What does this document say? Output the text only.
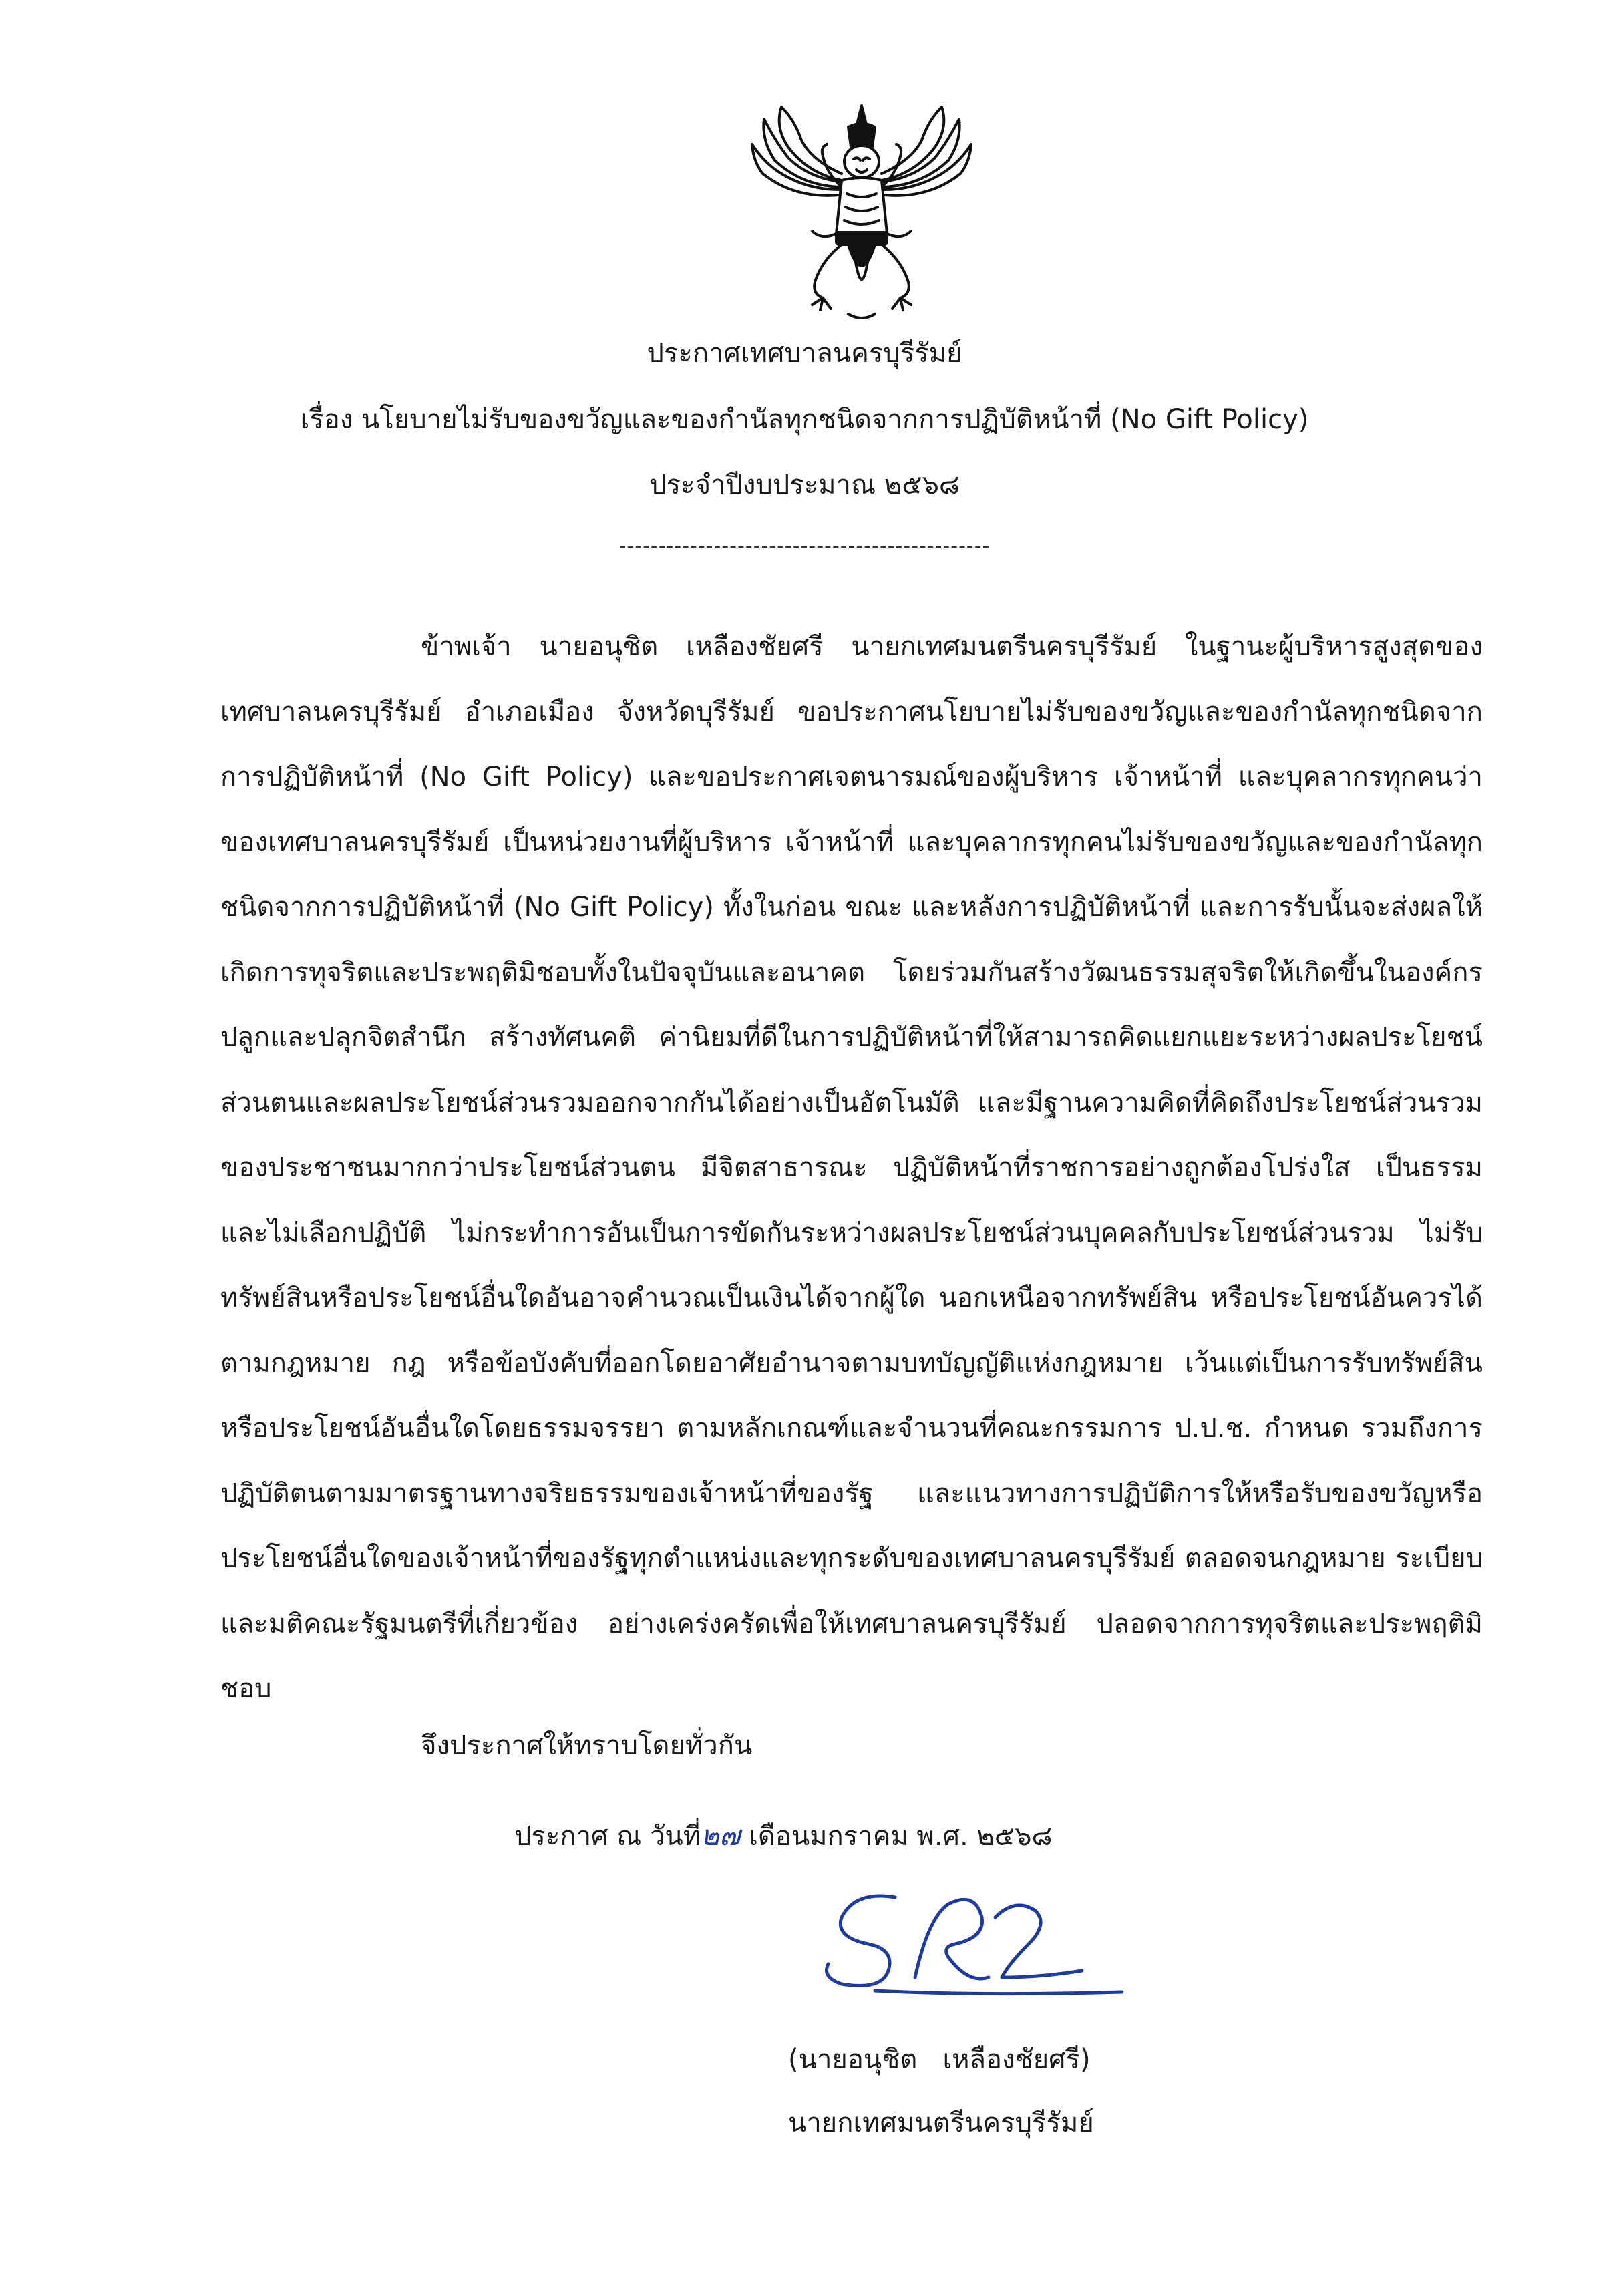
ประกาศเทศบาลนครบุรีรัมย์
เรื่อง นโยบายไม่รับของขวัญและของกำนัลทุกชนิดจากการปฏิบัติหน้าที่ (No Gift Policy)
ประจำปีงบประมาณ ๒๕๖๘
-----------------------------------------------
ข้าพเจ้า นายอนุชิต เหลืองชัยศรี นายกเทศมนตรีนครบุรีรัมย์ ในฐานะผู้บริหารสูงสุดของเทศบาลนครบุรีรัมย์ อำเภอเมือง จังหวัดบุรีรัมย์ ขอประกาศนโยบายไม่รับของขวัญและของกำนัลทุกชนิดจากการปฏิบัติหน้าที่ (No Gift Policy) และขอประกาศเจตนารมณ์ของผู้บริหาร เจ้าหน้าที่ และบุคลากรทุกคนว่าของเทศบาลนครบุรีรัมย์ เป็นหน่วยงานที่ผู้บริหาร เจ้าหน้าที่ และบุคลากรทุกคนไม่รับของขวัญและของกำนัลทุกชนิดจากการปฏิบัติหน้าที่ (No Gift Policy) ทั้งในก่อน ขณะ และหลังการปฏิบัติหน้าที่ และการรับนั้นจะส่งผลให้เกิดการทุจริตและประพฤติมิชอบทั้งในปัจจุบันและอนาคต โดยร่วมกันสร้างวัฒนธรรมสุจริตให้เกิดขึ้นในองค์กรปลูกและปลุกจิตสำนึก สร้างทัศนคติ ค่านิยมที่ดีในการปฏิบัติหน้าที่ให้สามารถคิดแยกแยะระหว่างผลประโยชน์ส่วนตนและผลประโยชน์ส่วนรวมออกจากกันได้อย่างเป็นอัตโนมัติ และมีฐานความคิดที่คิดถึงประโยชน์ส่วนรวมของประชาชนมากกว่าประโยชน์ส่วนตน มีจิตสาธารณะ ปฏิบัติหน้าที่ราชการอย่างถูกต้องโปร่งใส เป็นธรรม และไม่เลือกปฏิบัติ ไม่กระทำการอันเป็นการขัดกันระหว่างผลประโยชน์ส่วนบุคคลกับประโยชน์ส่วนรวม ไม่รับทรัพย์สินหรือประโยชน์อื่นใดอันอาจคำนวณเป็นเงินได้จากผู้ใด นอกเหนือจากทรัพย์สิน หรือประโยชน์อันควรได้ตามกฎหมาย กฎ หรือข้อบังคับที่ออกโดยอาศัยอำนาจตามบทบัญญัติแห่งกฎหมาย เว้นแต่เป็นการรับทรัพย์สินหรือประโยชน์อันอื่นใดโดยธรรมจรรยา ตามหลักเกณฑ์และจำนวนที่คณะกรรมการ ป.ป.ช. กำหนด รวมถึงการปฏิบัติตนตามมาตรฐานทางจริยธรรมของเจ้าหน้าที่ของรัฐ และแนวทางการปฏิบัติการให้หรือรับของขวัญหรือประโยชน์อื่นใดของเจ้าหน้าที่ของรัฐทุกตำแหน่งและทุกระดับของเทศบาลนครบุรีรัมย์ ตลอดจนกฎหมาย ระเบียบ และมติคณะรัฐมนตรีที่เกี่ยวข้อง อย่างเคร่งครัดเพื่อให้เทศบาลนครบุรีรัมย์ ปลอดจากการทุจริตและประพฤติมิชอบ
จึงประกาศให้ทราบโดยทั่วกัน
ประกาศ ณ วันที่๒๗ เดือนมกราคม พ.ศ. ๒๕๖๘
(นายอนุชิต   เหลืองชัยศรี)
นายกเทศมนตรีนครบุรีรัมย์
